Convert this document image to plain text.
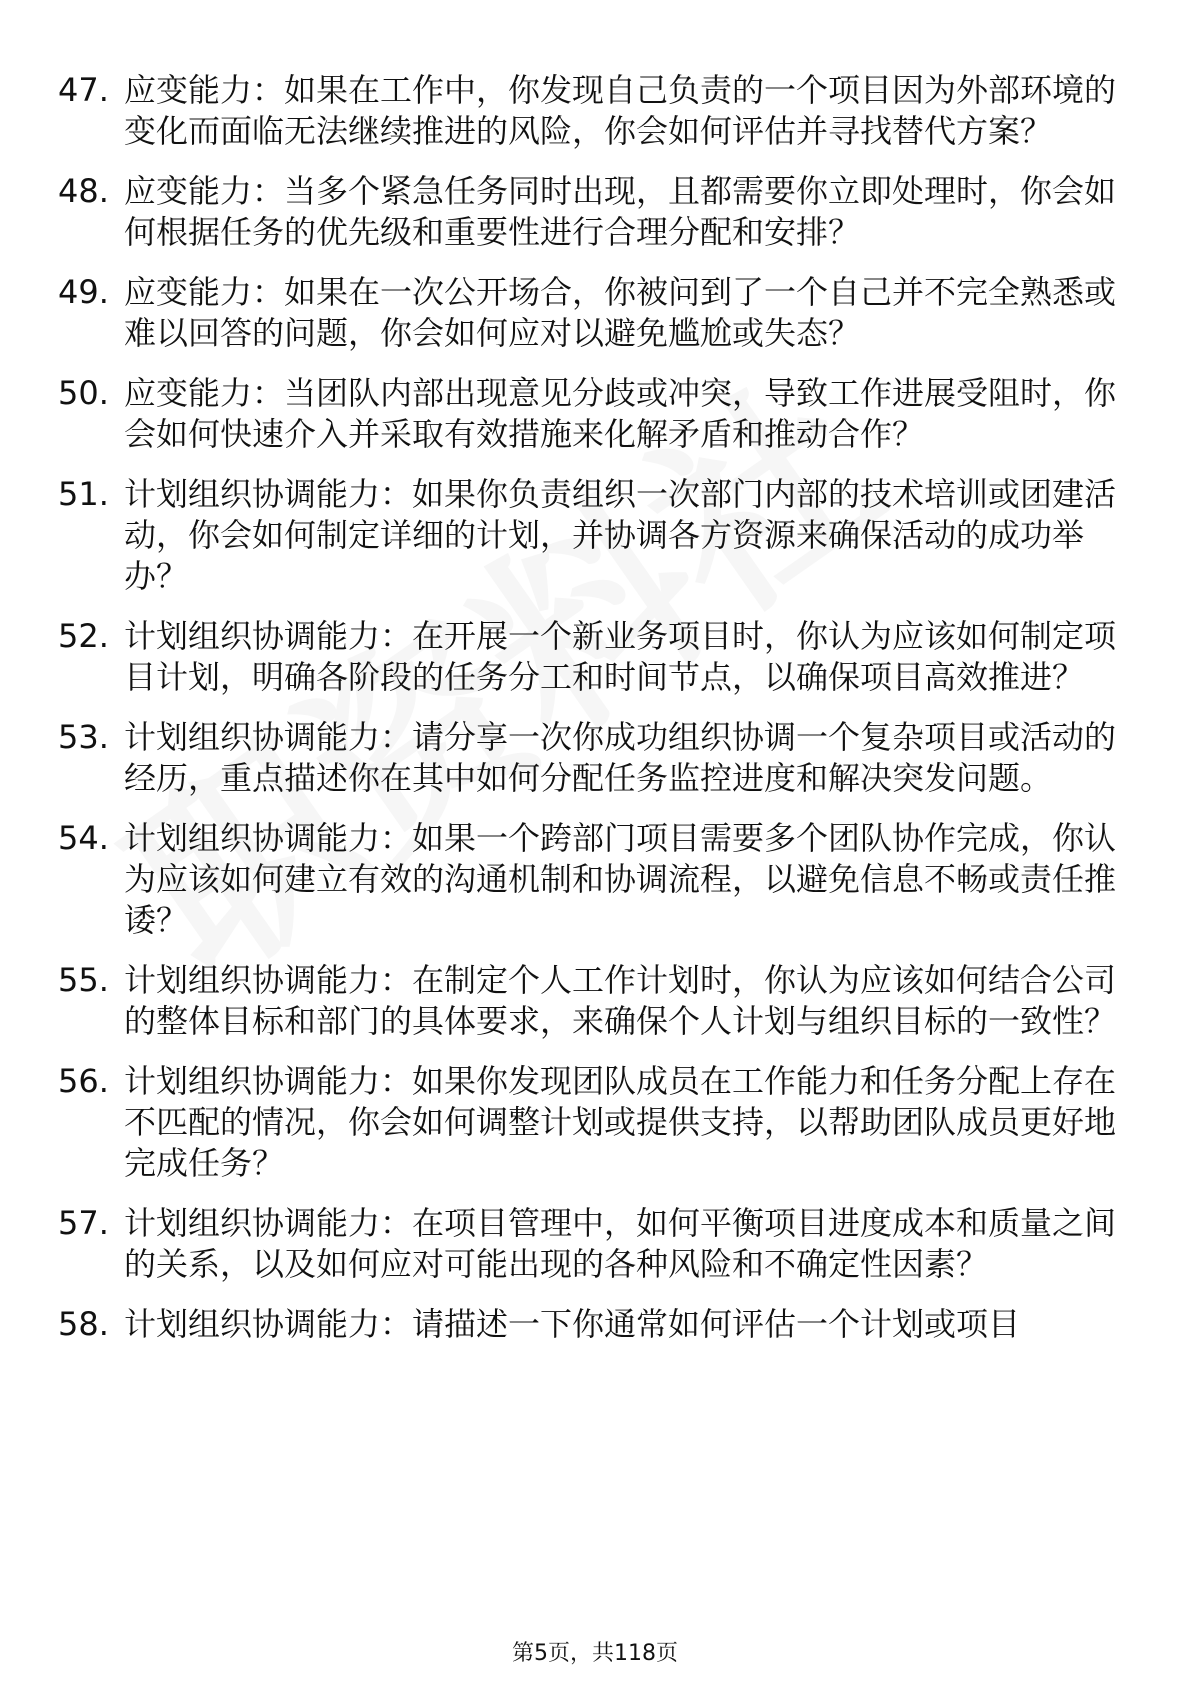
47. 应变能力：如果在工作中，你发现自己负责的一个项目因为外部环境的变化而面临无法继续推进的风险，你会如何评估并寻找替代方案？
48. 应变能力：当多个紧急任务同时出现，且都需要你立即处理时，你会如何根据任务的优先级和重要性进行合理分配和安排？
49. 应变能力：如果在一次公开场合，你被问到了一个自己并不完全熟悉或难以回答的问题，你会如何应对以避免尴尬或失态？
50. 应变能力：当团队内部出现意见分歧或冲突，导致工作进展受阻时，你会如何快速介入并采取有效措施来化解矛盾和推动合作？
51. 计划组织协调能力：如果你负责组织一次部门内部的技术培训或团建活动，你会如何制定详细的计划，并协调各方资源来确保活动的成功举办？
52. 计划组织协调能力：在开展一个新业务项目时，你认为应该如何制定项目计划，明确各阶段的任务分工和时间节点，以确保项目高效推进？
53. 计划组织协调能力：请分享一次你成功组织协调一个复杂项目或活动的经历，重点描述你在其中如何分配任务监控进度和解决突发问题。
54. 计划组织协调能力：如果一个跨部门项目需要多个团队协作完成，你认为应该如何建立有效的沟通机制和协调流程，以避免信息不畅或责任推诿？
55. 计划组织协调能力：在制定个人工作计划时，你认为应该如何结合公司的整体目标和部门的具体要求，来确保个人计划与组织目标的一致性？
56. 计划组织协调能力：如果你发现团队成员在工作能力和任务分配上存在不匹配的情况，你会如何调整计划或提供支持，以帮助团队成员更好地完成任务？
57. 计划组织协调能力：在项目管理中，如何平衡项目进度成本和质量之间的关系，以及如何应对可能出现的各种风险和不确定性因素？
58. 计划组织协调能力：请描述一下你通常如何评估一个计划或项目
第5页，共118页
